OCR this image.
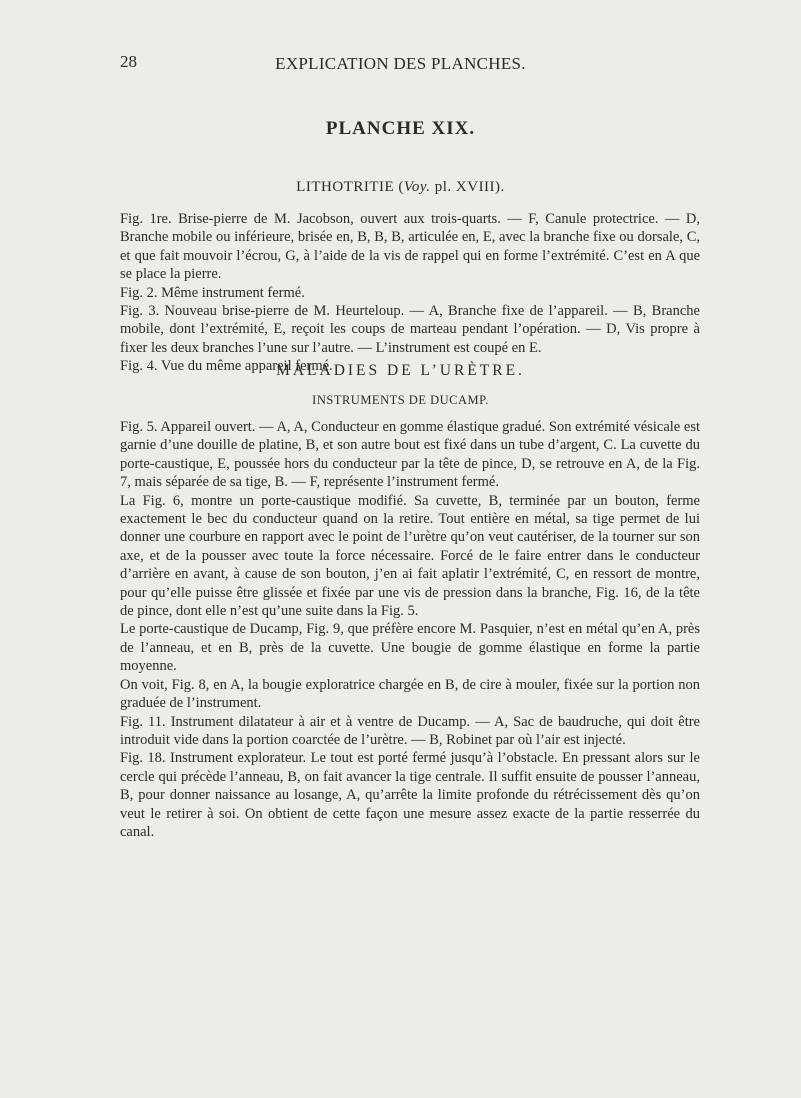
28	EXPLICATION DES PLANCHES.
PLANCHE XIX.
LITHOTRITIE (Voy. pl. XVIII).

Fig. 1re. Brise-pierre de M. Jacobson, ouvert aux trois-quarts. — F, Canule protectrice. — D, Branche mobile ou inférieure, brisée en, B, B, B, articulée en, E, avec la branche fixe ou dorsale, C, et que fait mouvoir l’écrou, G, à l’aide de la vis de rappel qui en forme l’extrémité. C’est en A que se place la pierre.

Fig. 2. Même instrument fermé.

Fig. 3. Nouveau brise-pierre de M. Heurteloup. — A, Branche fixe de l’appareil. — B, Branche mobile, dont l’extrémité, E, reçoit les coups de marteau pendant l’opération. — D, Vis propre à fixer les deux branches l’une sur l’autre. — L’instrument est coupé en E.

Fig. 4. Vue du même appareil fermé.

MALADIES DE L’URÈTRE.
INSTRUMENTS DE DUCAMP.

Fig. 5. Appareil ouvert. — A, A, Conducteur en gomme élastique gradué. Son extrémité vésicale est garnie d’une douille de platine, B, et son autre bout est fixé dans un tube d’argent, C. La cuvette du porte-caustique, E, poussée hors du conducteur par la tête de pince, D, se retrouve en A, de la Fig. 7, mais séparée de sa tige, B. — F, représente l’instrument fermé.

La Fig. 6, montre un porte-caustique modifié. Sa cuvette, B, terminée par un bouton, ferme exactement le bec du conducteur quand on la retire. Tout entière en métal, sa tige permet de lui donner une courbure en rapport avec le point de l’urètre qu’on veut cautériser, de la tourner sur son axe, et de la pousser avec toute la force nécessaire. Forcé de le faire entrer dans le conducteur d’arrière en avant, à cause de son bouton, j’en ai fait aplatir l’extrémité, C, en ressort de montre, pour qu’elle puisse être glissée et fixée par une vis de pression dans la branche, Fig. 16, de la tête de pince, dont elle n’est qu’une suite dans la Fig. 5.

Le porte-caustique de Ducamp, Fig. 9, que préfère encore M. Pasquier, n’est en métal qu’en A, près de l’anneau, et en B, près de la cuvette. Une bougie de gomme élastique en forme la partie moyenne.

On voit, Fig. 8, en A, la bougie exploratrice chargée en B, de cire à mouler, fixée sur la portion non graduée de l’instrument.

Fig. 11. Instrument dilatateur à air et à ventre de Ducamp. — A, Sac de baudruche, qui doit être introduit vide dans la portion coarctée de l’urètre. — B, Robinet par où l’air est injecté.

Fig. 18. Instrument explorateur. Le tout est porté fermé jusqu’à l’obstacle. En pressant alors sur le cercle qui précède l’anneau, B, on fait avancer la tige centrale. Il suffit ensuite de pousser l’anneau, B, pour donner naissance au losange, A, qu’arrête la limite profonde du rétrécissement dès qu’on veut le retirer à soi. On obtient de cette façon une mesure assez exacte de la partie resserrée du canal.
